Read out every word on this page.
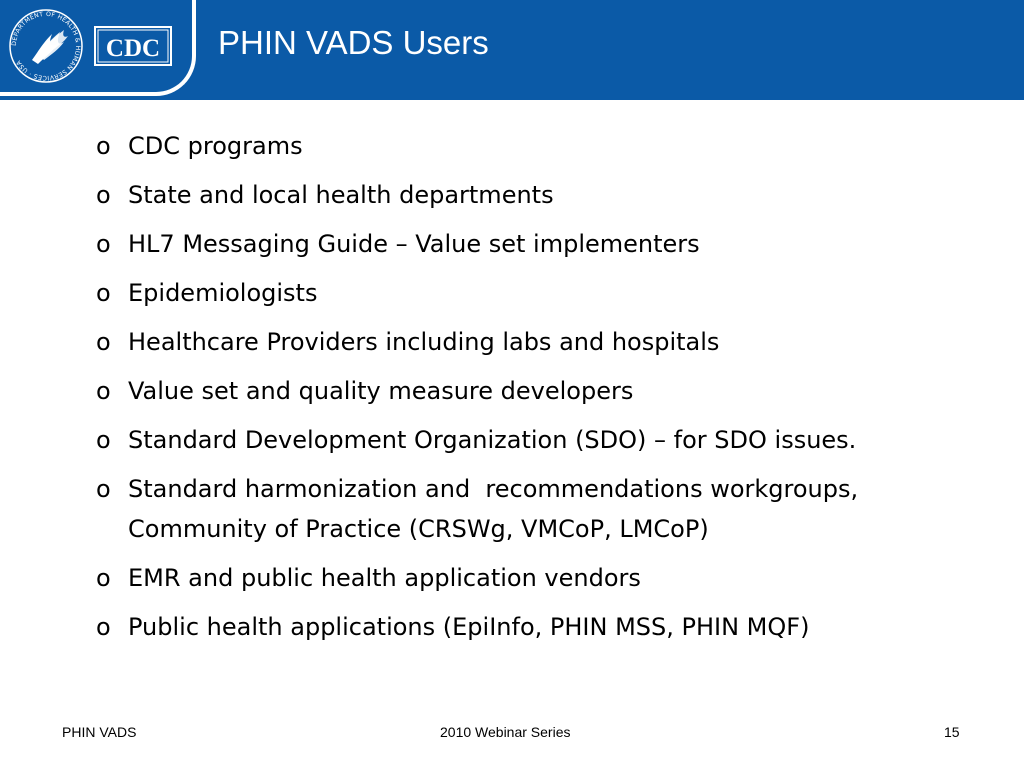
DEPARTMENT OF HEALTH & HUMAN SERVICES · USA
CDC PHIN VADS Users
o CDC programs
o State and local health departments
o HL7 Messaging Guide – Value set implementers
o Epidemiologists
o Healthcare Providers including labs and hospitals
o Value set and quality measure developers
o Standard Development Organization (SDO) – for SDO issues.
o Standard harmonization and  recommendations workgroups, Community of Practice (CRSWg, VMCoP, LMCoP)
o EMR and public health application vendors
o Public health applications (EpiInfo, PHIN MSS, PHIN MQF)
PHIN VADS	2010 Webinar Series	15
